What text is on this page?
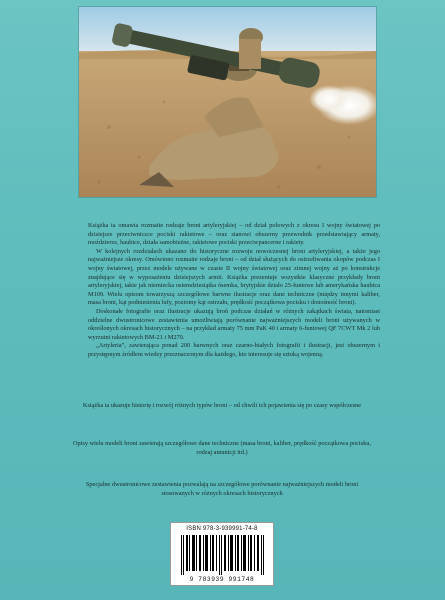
Książka ta omawia rozmaite rodzaje broni artyleryjskiej – od dział polowych z okresu I wojny światowej po dzisiejsze przeciwniczce pociski rakietowe – oraz stanowi obszerny przewodnik przedstawiający armaty, moździerze, haubice, działa samobieżne, rakietowe pociski przeciwpancerne i rakiety.

W kolejnych rozdziałach ukazano tło historyczne rozwoju nowoczesnej broni artyleryjskiej, a także jego najważniejsze okresy. Omówiono rozmaite rodzaje broni – od dział służących do ostrzeliwania okopów podczas I wojny światowej, przez modele używane w czasie II wojny światowej oraz zimnej wojny aż po konstrukcje znajdujące się w wyposażeniu dzisiejszych armii. Książka prezentuje wszystkie klasyczne przykłady broni artyleryjskiej, takie jak niemiecka osiemdziesiątka ósemka, brytyjskie działo 25-funtowe lub amerykańska haubica M109. Wielu opisom towarzyszą szczegółowe barwne ilustracje oraz dane techniczne (między innymi kaliber, masa broni, kąt podniesienia lufy, poziomy kąt ostrzału, prędkość początkowa pocisku i donośność broni).

Doskonałe fotografie oraz ilustracje ukazują broń podczas działań w różnych zakątkach świata, natomiast oddzielne dwustronicowe zestawienia umożliwiają porównanie najważniejszych modeli broni używanych w określonych okresach historycznych – na przykład armaty 75 mm PaK 40 i armaty 6-funtowej QF 7CWT Mk 2 lub wyrzutni rakietowych BM-21 i M270.

„Artyleria”, zawierająca ponad 200 barwnych oraz czarno-białych fotografii i ilustracji, jest obszernym i przystępnym źródłem wiedzy przeznaczonym dla każdego, kto interesuje się sztuką wojenną.

Książka ta ukazuje historię i rozwój różnych typów broni – od chwili ich pojawienia się po czasy współczesne
Opisy wielu modeli broni zawierają szczegółowe dane techniczne (masa broni, kaliber, prędkość początkowa pocisku, rodzaj amunicji itd.)
Specjalne dwustronicowe zestawienia pozwalają na szczegółowe porównanie najważniejszych modeli broni stosowanych w różnych okresach historycznych
ISBN 978-3-939991-74-8
9 783939 991748
